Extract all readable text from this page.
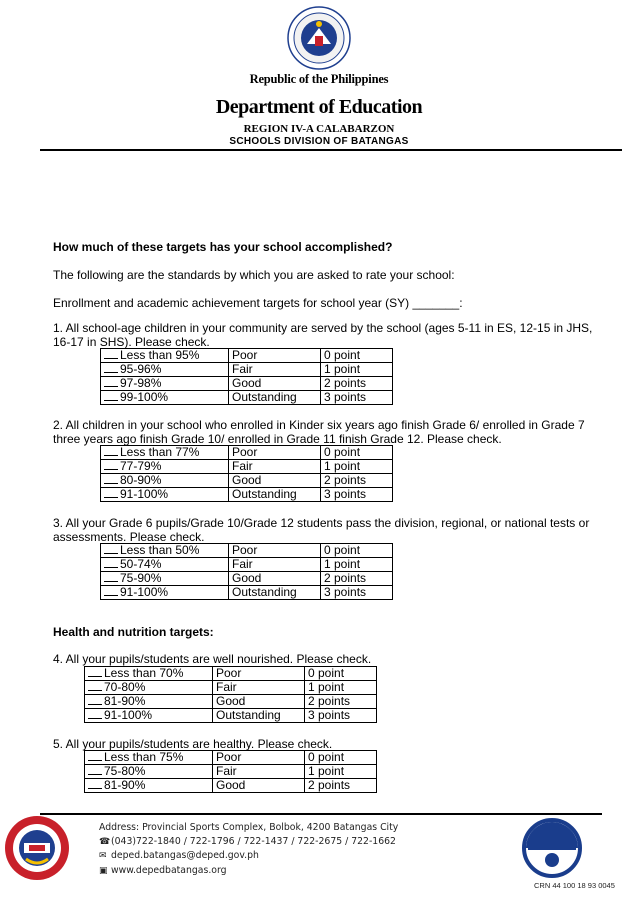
Republic of the Philippines
Department of Education
REGION IV-A CALABARZON
SCHOOLS DIVISION OF BATANGAS
How much of these targets has your school accomplished?
The following are the standards by which you are asked to rate your school:
Enrollment and academic achievement targets for school year (SY) _______:
1. All school-age children in your community are served by the school (ages 5-11 in ES, 12-15 in JHS, 16-17 in SHS). Please check.
Less than 95%	Poor	0 point
95-96%	Fair	1 point
97-98%	Good	2 points
99-100%	Outstanding	3 points
2. All children in your school who enrolled in Kinder six years ago finish Grade 6/ enrolled in Grade 7 three years ago finish Grade 10/ enrolled in Grade 11 finish Grade 12. Please check.
Less than 77%	Poor	0 point
77-79%	Fair	1 point
80-90%	Good	2 points
91-100%	Outstanding	3 points
3. All your Grade 6 pupils/Grade 10/Grade 12 students pass the division, regional, or national tests or assessments. Please check.
Less than 50%	Poor	0 point
50-74%	Fair	1 point
75-90%	Good	2 points
91-100%	Outstanding	3 points
Health and nutrition targets:
4. All your pupils/students are well nourished. Please check.
Less than 70%	Poor	0 point
70-80%	Fair	1 point
81-90%	Good	2 points
91-100%	Outstanding	3 points
5. All your pupils/students are healthy. Please check.
Less than 75%	Poor	0 point
75-80%	Fair	1 point
81-90%	Good	2 points
Address: Provincial Sports Complex, Bolbok, 4200 Batangas City
☎(043)722-1840 / 722-1796 / 722-1437 / 722-2675 / 722-1662
✉ deped.batangas@deped.gov.ph
▣ www.depedbatangas.org
CRN 44 100 18 93 0045
